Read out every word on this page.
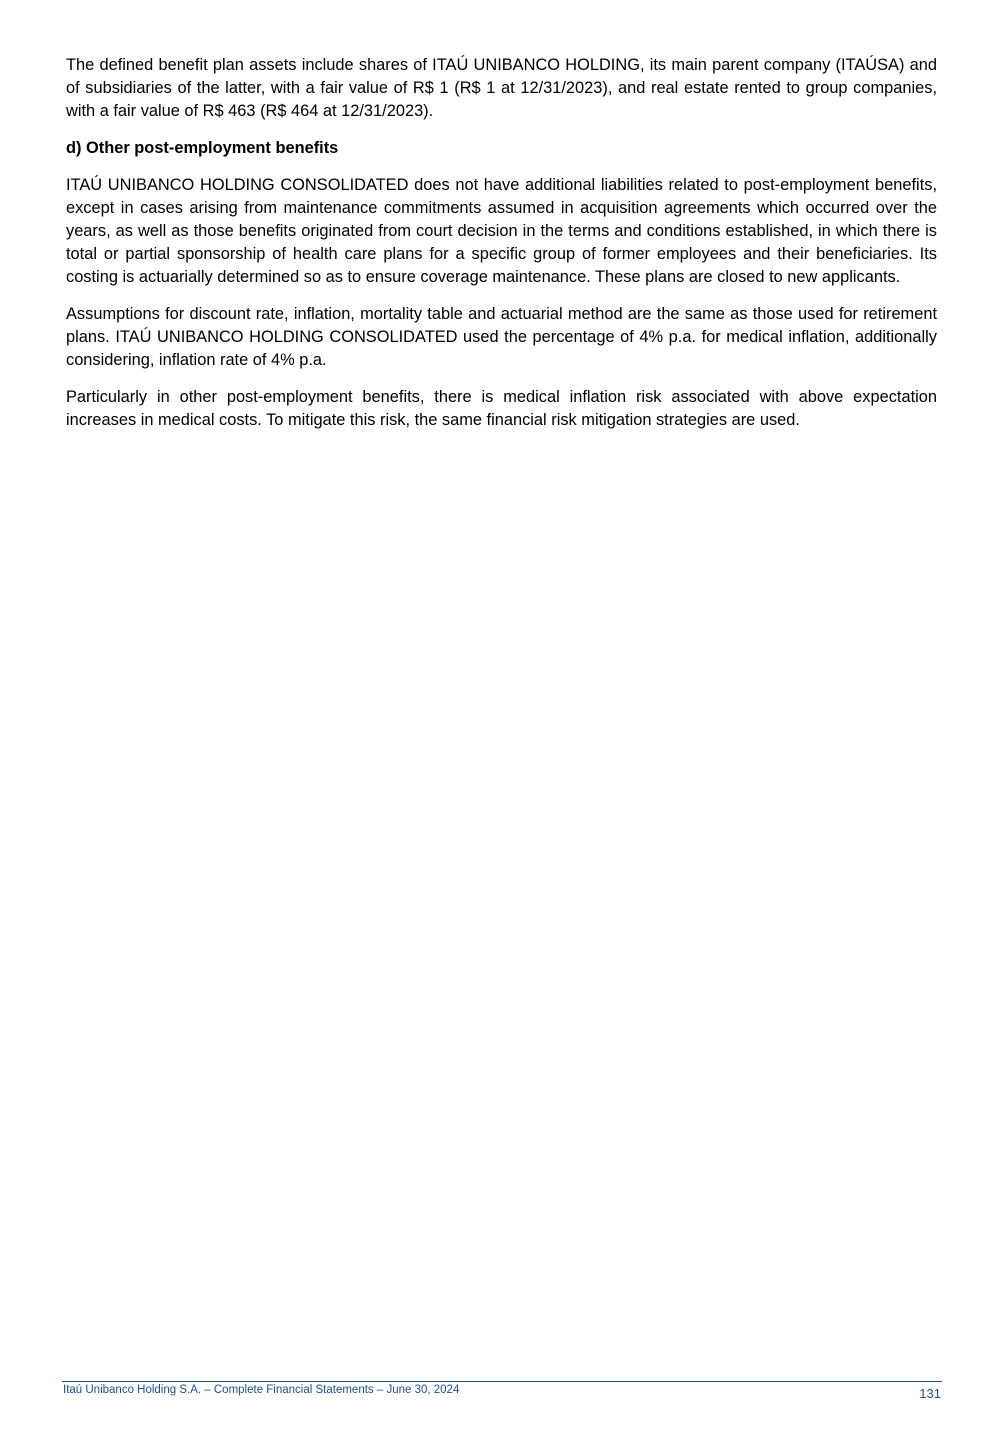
The defined benefit plan assets include shares of ITAÚ UNIBANCO HOLDING, its main parent company (ITAÚSA) and of subsidiaries of the latter, with a fair value of R$ 1 (R$ 1 at 12/31/2023), and real estate rented to group companies, with a fair value of R$ 463 (R$ 464 at 12/31/2023).

d) Other post-employment benefits

ITAÚ UNIBANCO HOLDING CONSOLIDATED does not have additional liabilities related to post-employment benefits, except in cases arising from maintenance commitments assumed in acquisition agreements which occurred over the years, as well as those benefits originated from court decision in the terms and conditions established, in which there is total or partial sponsorship of health care plans for a specific group of former employees and their beneficiaries. Its costing is actuarially determined so as to ensure coverage maintenance. These plans are closed to new applicants.

Assumptions for discount rate, inflation, mortality table and actuarial method are the same as those used for retirement plans. ITAÚ UNIBANCO HOLDING CONSOLIDATED used the percentage of 4% p.a. for medical inflation, additionally considering, inflation rate of 4% p.a.

Particularly in other post-employment benefits, there is medical inflation risk associated with above expectation increases in medical costs. To mitigate this risk, the same financial risk mitigation strategies are used.

Itaú Unibanco Holding S.A. – Complete Financial Statements – June 30, 2024	131
